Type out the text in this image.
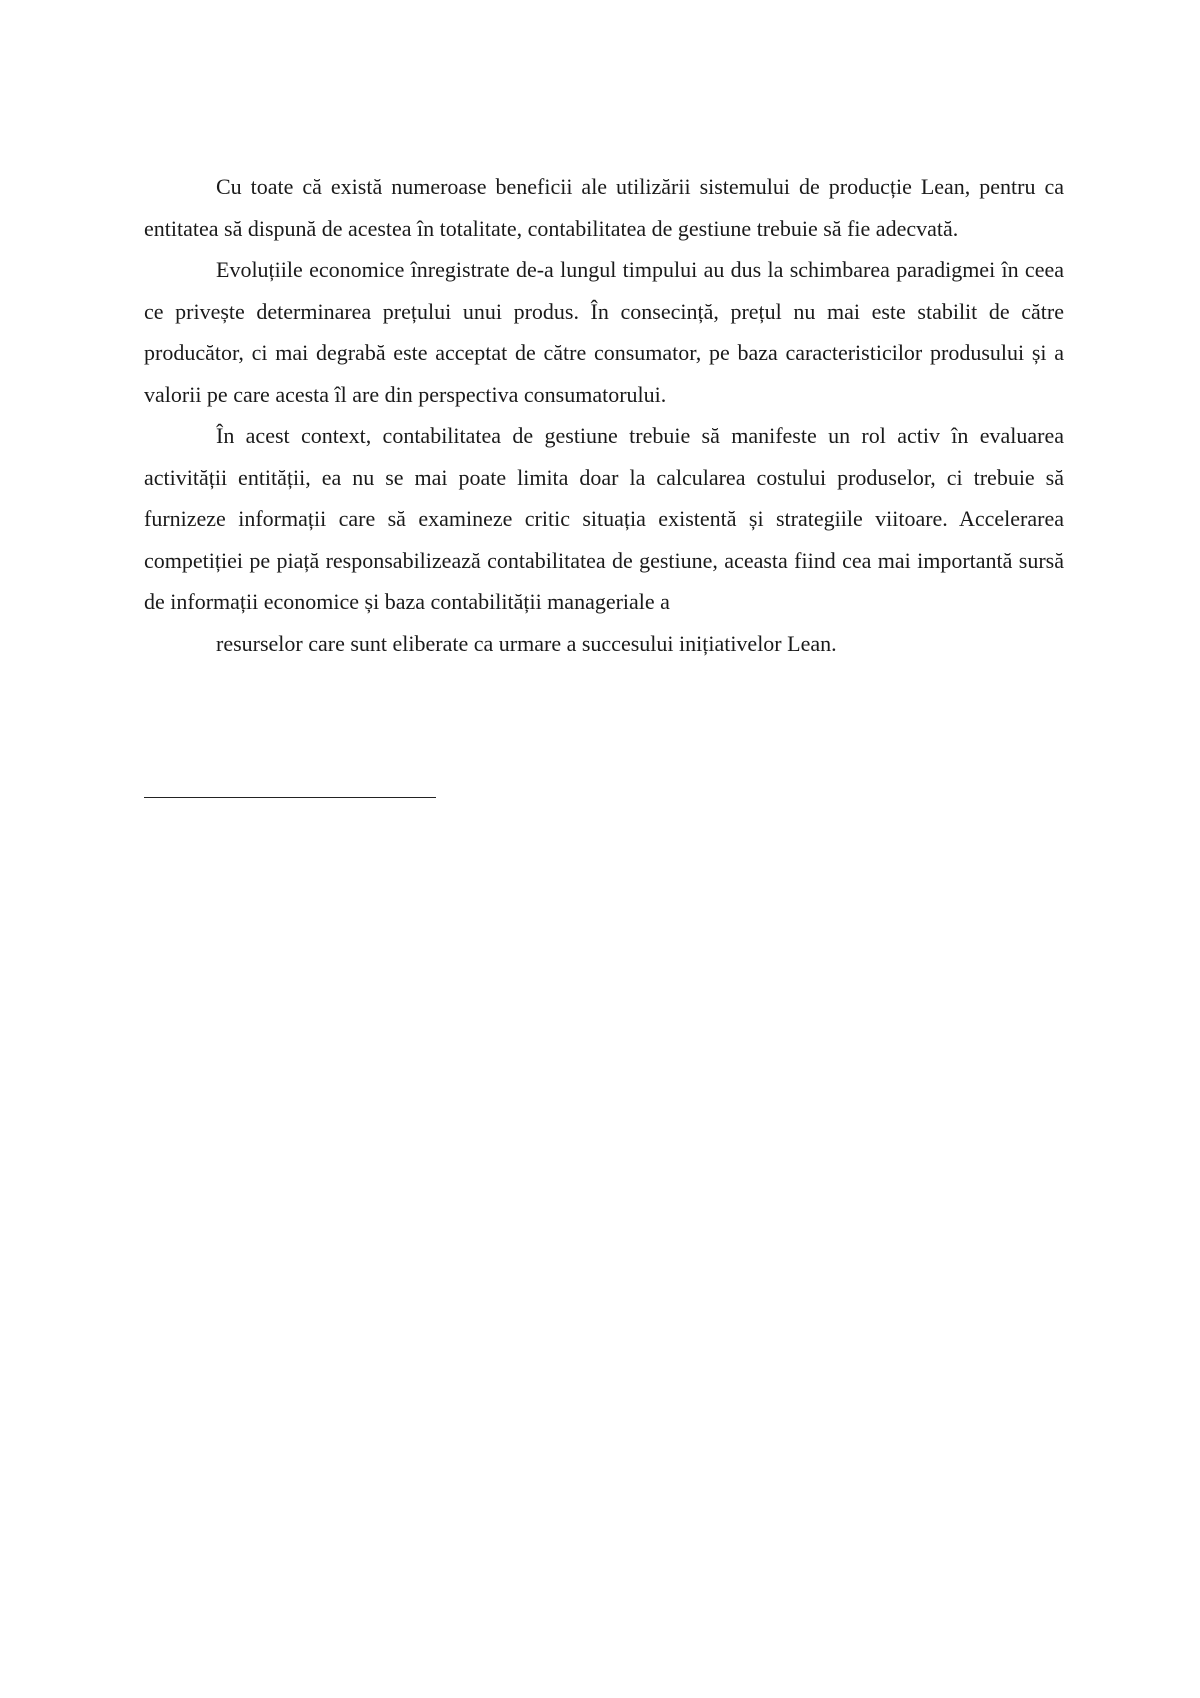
Cu toate că există numeroase beneficii ale utilizării sistemului de producție Lean, pentru ca entitatea să dispună de acestea în totalitate, contabilitatea de gestiune trebuie să fie adecvată.

Evoluțiile economice înregistrate de-a lungul timpului au dus la schimbarea paradigmei în ceea ce privește determinarea prețului unui produs. În consecință, prețul nu mai este stabilit de către producător, ci mai degrabă este acceptat de către consumator, pe baza caracteristicilor produsului și a valorii pe care acesta îl are din perspectiva consumatorului.

În acest context, contabilitatea de gestiune trebuie să manifeste un rol activ în evaluarea activității entității, ea nu se mai poate limita doar la calcularea costului produselor, ci trebuie să furnizeze informații care să examineze critic situația existentă și strategiile viitoare. Accelerarea competiției pe piață responsabilizează contabilitatea de gestiune, aceasta fiind cea mai importantă sursă de informații economice și baza contabilității manageriale a

resurselor care sunt eliberate ca urmare a succesului inițiativelor Lean.
